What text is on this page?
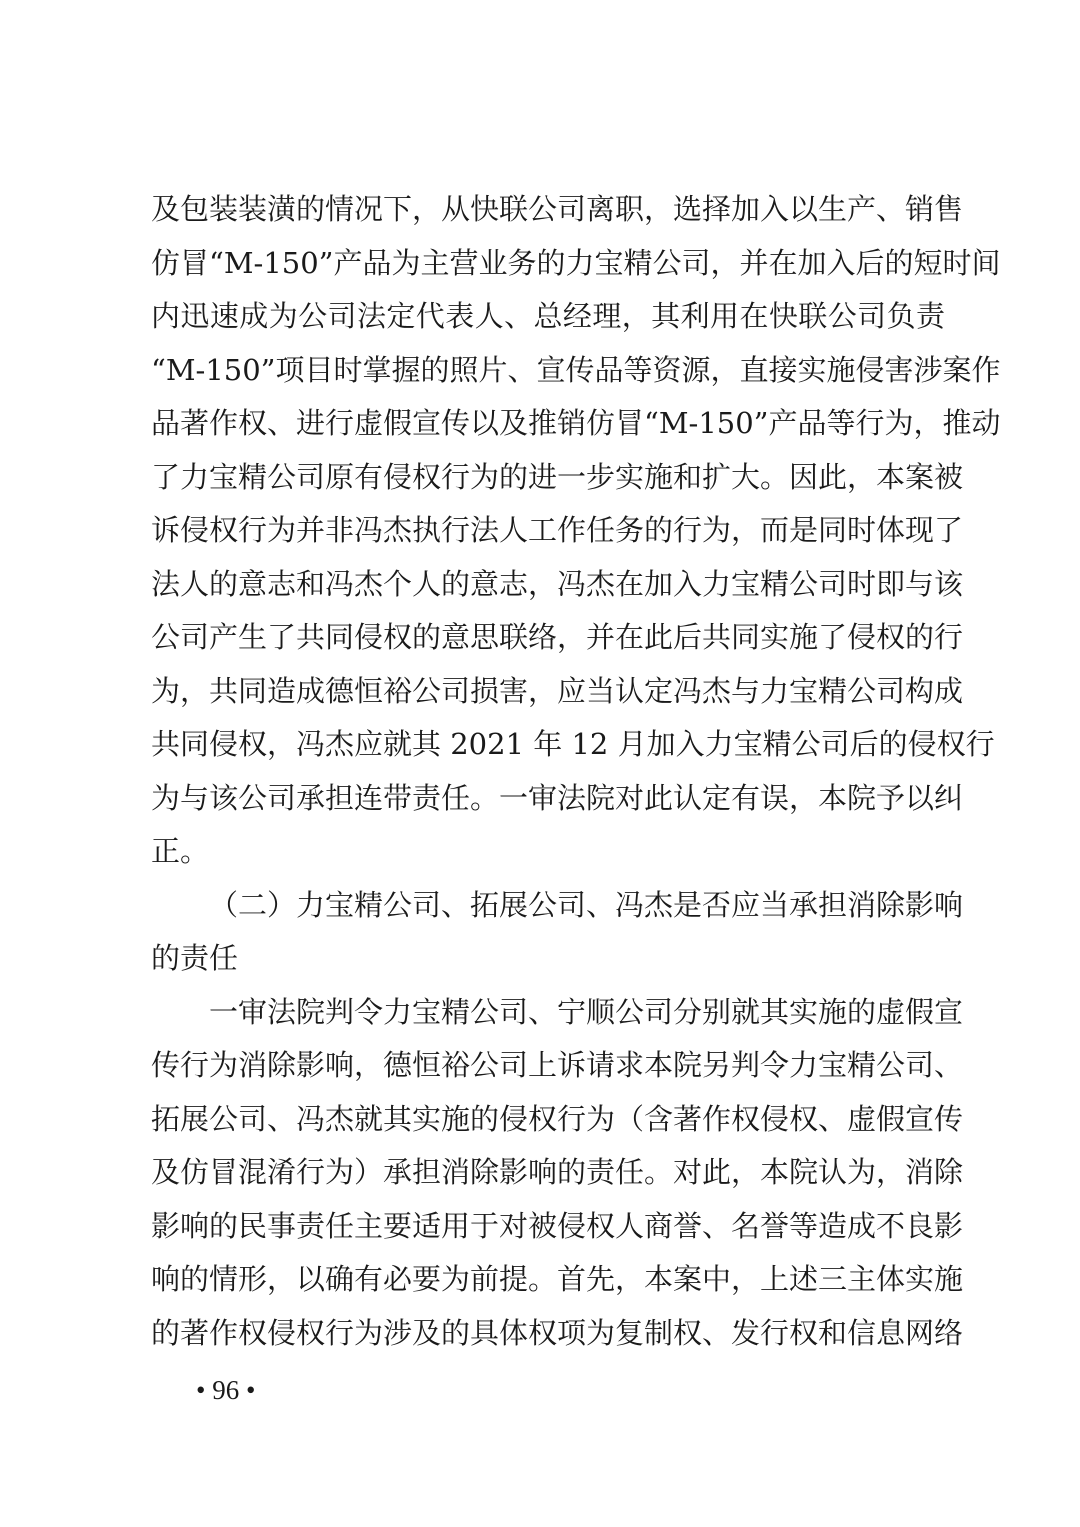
及包装装潢的情况下，从快联公司离职，选择加入以生产、销售
仿冒“M-150”产品为主营业务的力宝精公司，并在加入后的短时间
内迅速成为公司法定代表人、总经理，其利用在快联公司负责
“M-150”项目时掌握的照片、宣传品等资源，直接实施侵害涉案作
品著作权、进行虚假宣传以及推销仿冒“M-150”产品等行为，推动
了力宝精公司原有侵权行为的进一步实施和扩大。因此，本案被
诉侵权行为并非冯杰执行法人工作任务的行为，而是同时体现了
法人的意志和冯杰个人的意志，冯杰在加入力宝精公司时即与该
公司产生了共同侵权的意思联络，并在此后共同实施了侵权的行
为，共同造成德恒裕公司损害，应当认定冯杰与力宝精公司构成
共同侵权，冯杰应就其 2021 年 12 月加入力宝精公司后的侵权行
为与该公司承担连带责任。一审法院对此认定有误，本院予以纠
正。
（二）力宝精公司、拓展公司、冯杰是否应当承担消除影响
的责任
一审法院判令力宝精公司、宁顺公司分别就其实施的虚假宣
传行为消除影响，德恒裕公司上诉请求本院另判令力宝精公司、
拓展公司、冯杰就其实施的侵权行为（含著作权侵权、虚假宣传
及仿冒混淆行为）承担消除影响的责任。对此，本院认为，消除
影响的民事责任主要适用于对被侵权人商誉、名誉等造成不良影
响的情形，以确有必要为前提。首先，本案中，上述三主体实施
的著作权侵权行为涉及的具体权项为复制权、发行权和信息网络
• 96 •
